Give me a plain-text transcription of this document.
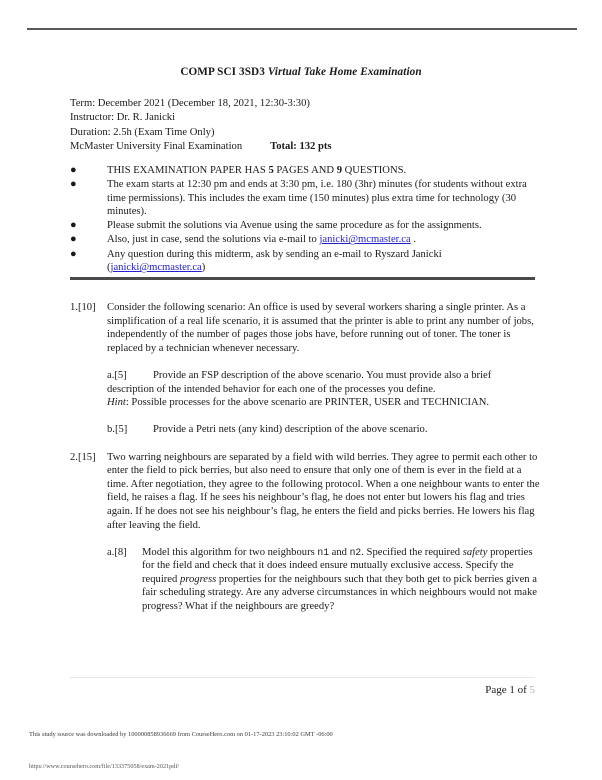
COMP SCI 3SD3 Virtual Take Home Examination
Term: December 2021 (December 18, 2021, 12:30-3:30)
Instructor: Dr. R. Janicki
Duration: 2.5h (Exam Time Only)
McMaster University Final Examination	Total: 132 pts
●	THIS EXAMINATION PAPER HAS 5 PAGES AND 9 QUESTIONS.
●	The exam starts at 12:30 pm and ends at 3:30 pm, i.e. 180 (3hr) minutes (for students without extra time permissions). This includes the exam time (150 minutes) plus extra time for technology (30 minutes).
●	Please submit the solutions via Avenue using the same procedure as for the assignments.
●	Also, just in case, send the solutions via e-mail to janicki@mcmaster.ca .
●	Any question during this midterm, ask by sending an e-mail to Ryszard Janicki (janicki@mcmaster.ca)
1.[10]	Consider the following scenario: An office is used by several workers sharing a single printer. As a simplification of a real life scenario, it is assumed that the printer is able to print any number of jobs, independently of the number of pages those jobs have, before running out of toner. The toner is replaced by a technician whenever necessary.
a.[5] Provide an FSP description of the above scenario. You must provide also a brief description of the intended behavior for each one of the processes you define.
Hint: Possible processes for the above scenario are PRINTER, USER and TECHNICIAN.
b.[5] Provide a Petri nets (any kind) description of the above scenario.
2.[15]	Two warring neighbours are separated by a field with wild berries. They agree to permit each other to enter the field to pick berries, but also need to ensure that only one of them is ever in the field at a time. After negotiation, they agree to the following protocol. When a one neighbour wants to enter the field, he raises a flag. If he sees his neighbour’s flag, he does not enter but lowers his flag and tries again. If he does not see his neighbour’s flag, he enters the field and picks berries. He lowers his flag after leaving the field.
a.[8]	Model this algorithm for two neighbours n1 and n2. Specified the required safety properties for the field and check that it does indeed ensure mutually exclusive access. Specify the required progress properties for the neighbours such that they both get to pick berries given a fair scheduling strategy. Are any adverse circumstances in which neighbours would not make progress? What if the neighbours are greedy?
Page 1 of 5
This study source was downloaded by 100000858936669 from CourseHero.com on 01-17-2023 23:10:02 GMT -06:00
https://www.coursehero.com/file/133375058/exam-2021pdf/
